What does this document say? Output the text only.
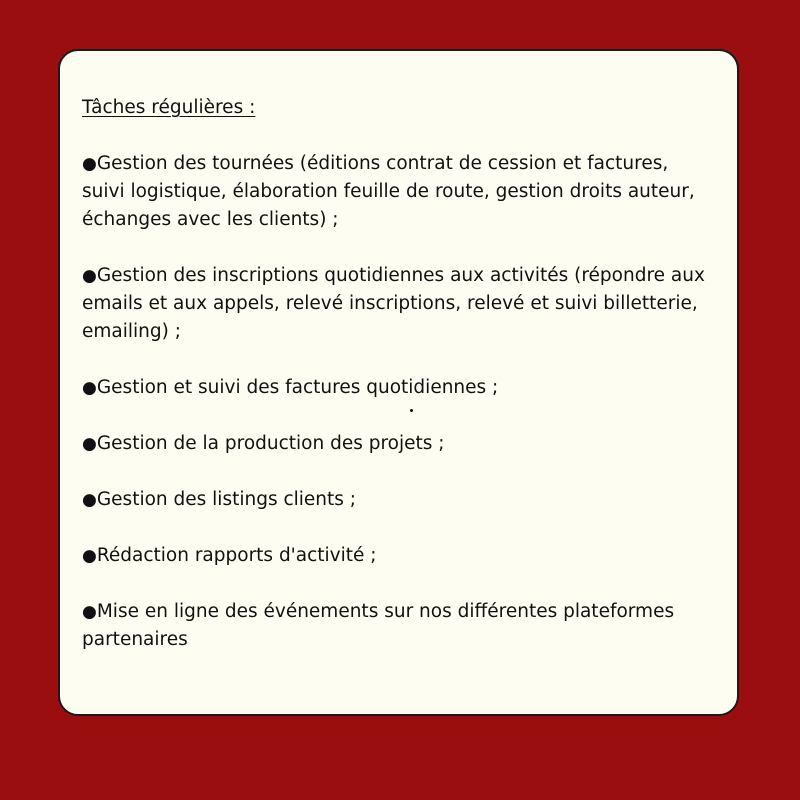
Tâches régulières :
●Gestion des tournées (éditions contrat de cession et factures, suivi logistique, élaboration feuille de route, gestion droits auteur, échanges avec les clients) ;
●Gestion des inscriptions quotidiennes aux activités (répondre aux emails et aux appels, relevé inscriptions, relevé et suivi billetterie, emailing) ;
●Gestion et suivi des factures quotidiennes ;
●Gestion de la production des projets ;
●Gestion des listings clients ;
●Rédaction rapports d'activité ;
●Mise en ligne des événements sur nos différentes plateformes partenaires
